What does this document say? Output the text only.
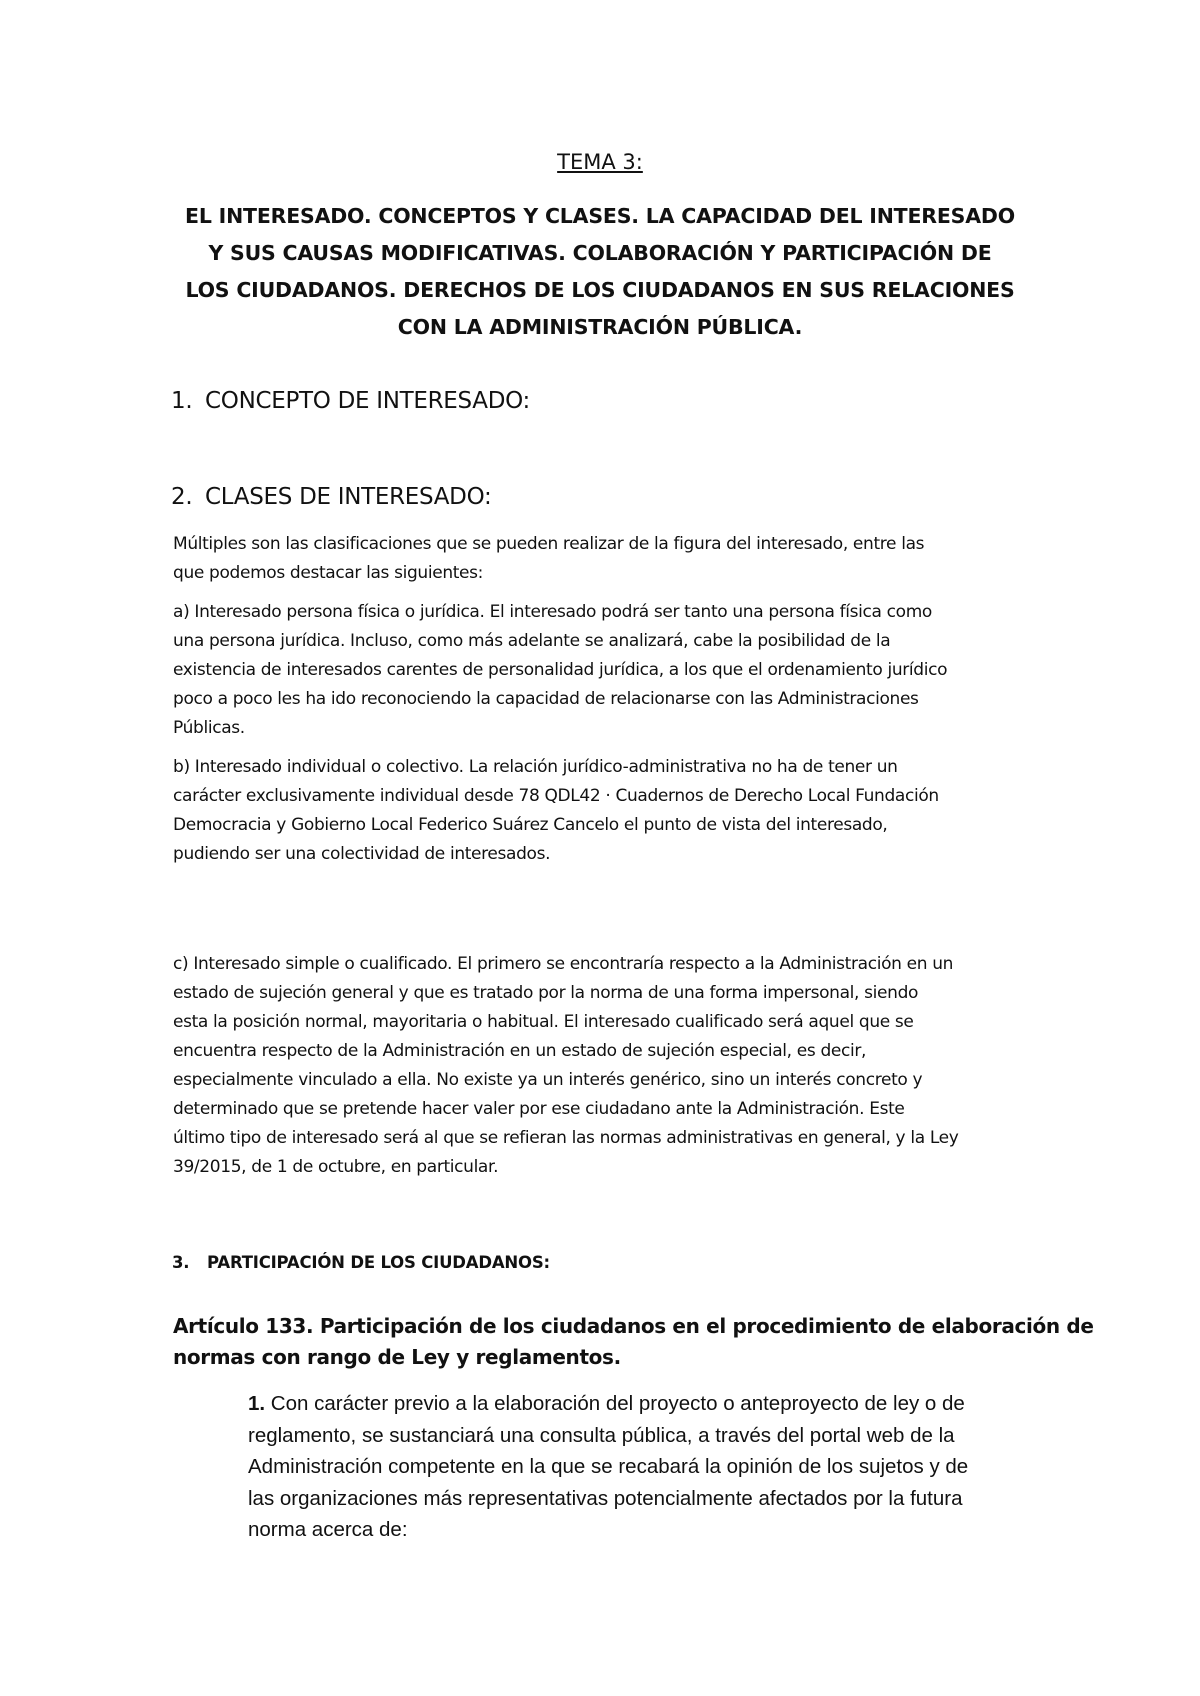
TEMA 3:
EL INTERESADO. CONCEPTOS Y CLASES. LA CAPACIDAD DEL INTERESADO
Y SUS CAUSAS MODIFICATIVAS. COLABORACIÓN Y PARTICIPACIÓN DE
LOS CIUDADANOS. DERECHOS DE LOS CIUDADANOS EN SUS RELACIONES
CON LA ADMINISTRACIÓN PÚBLICA.
1. CONCEPTO DE INTERESADO:
2. CLASES DE INTERESADO:

Múltiples son las clasificaciones que se pueden realizar de la figura del interesado, entre las
que podemos destacar las siguientes:

a) Interesado persona física o jurídica. El interesado podrá ser tanto una persona física como
una persona jurídica. Incluso, como más adelante se analizará, cabe la posibilidad de la
existencia de interesados carentes de personalidad jurídica, a los que el ordenamiento jurídico
poco a poco les ha ido reconociendo la capacidad de relacionarse con las Administraciones
Públicas.

b) Interesado individual o colectivo. La relación jurídico-administrativa no ha de tener un
carácter exclusivamente individual desde 78 QDL42 · Cuadernos de Derecho Local Fundación
Democracia y Gobierno Local Federico Suárez Cancelo el punto de vista del interesado,
pudiendo ser una colectividad de interesados.

c) Interesado simple o cualificado. El primero se encontraría respecto a la Administración en un
estado de sujeción general y que es tratado por la norma de una forma impersonal, siendo
esta la posición normal, mayoritaria o habitual. El interesado cualificado será aquel que se
encuentra respecto de la Administración en un estado de sujeción especial, es decir,
especialmente vinculado a ella. No existe ya un interés genérico, sino un interés concreto y
determinado que se pretende hacer valer por ese ciudadano ante la Administración. Este
último tipo de interesado será al que se refieran las normas administrativas en general, y la Ley
39/2015, de 1 de octubre, en particular.

3. PARTICIPACIÓN DE LOS CIUDADANOS:
Artículo 133. Participación de los ciudadanos en el procedimiento de elaboración de
normas con rango de Ley y reglamentos.

1. Con carácter previo a la elaboración del proyecto o anteproyecto de ley o de
reglamento, se sustanciará una consulta pública, a través del portal web de la
Administración competente en la que se recabará la opinión de los sujetos y de
las organizaciones más representativas potencialmente afectados por la futura
norma acerca de:
